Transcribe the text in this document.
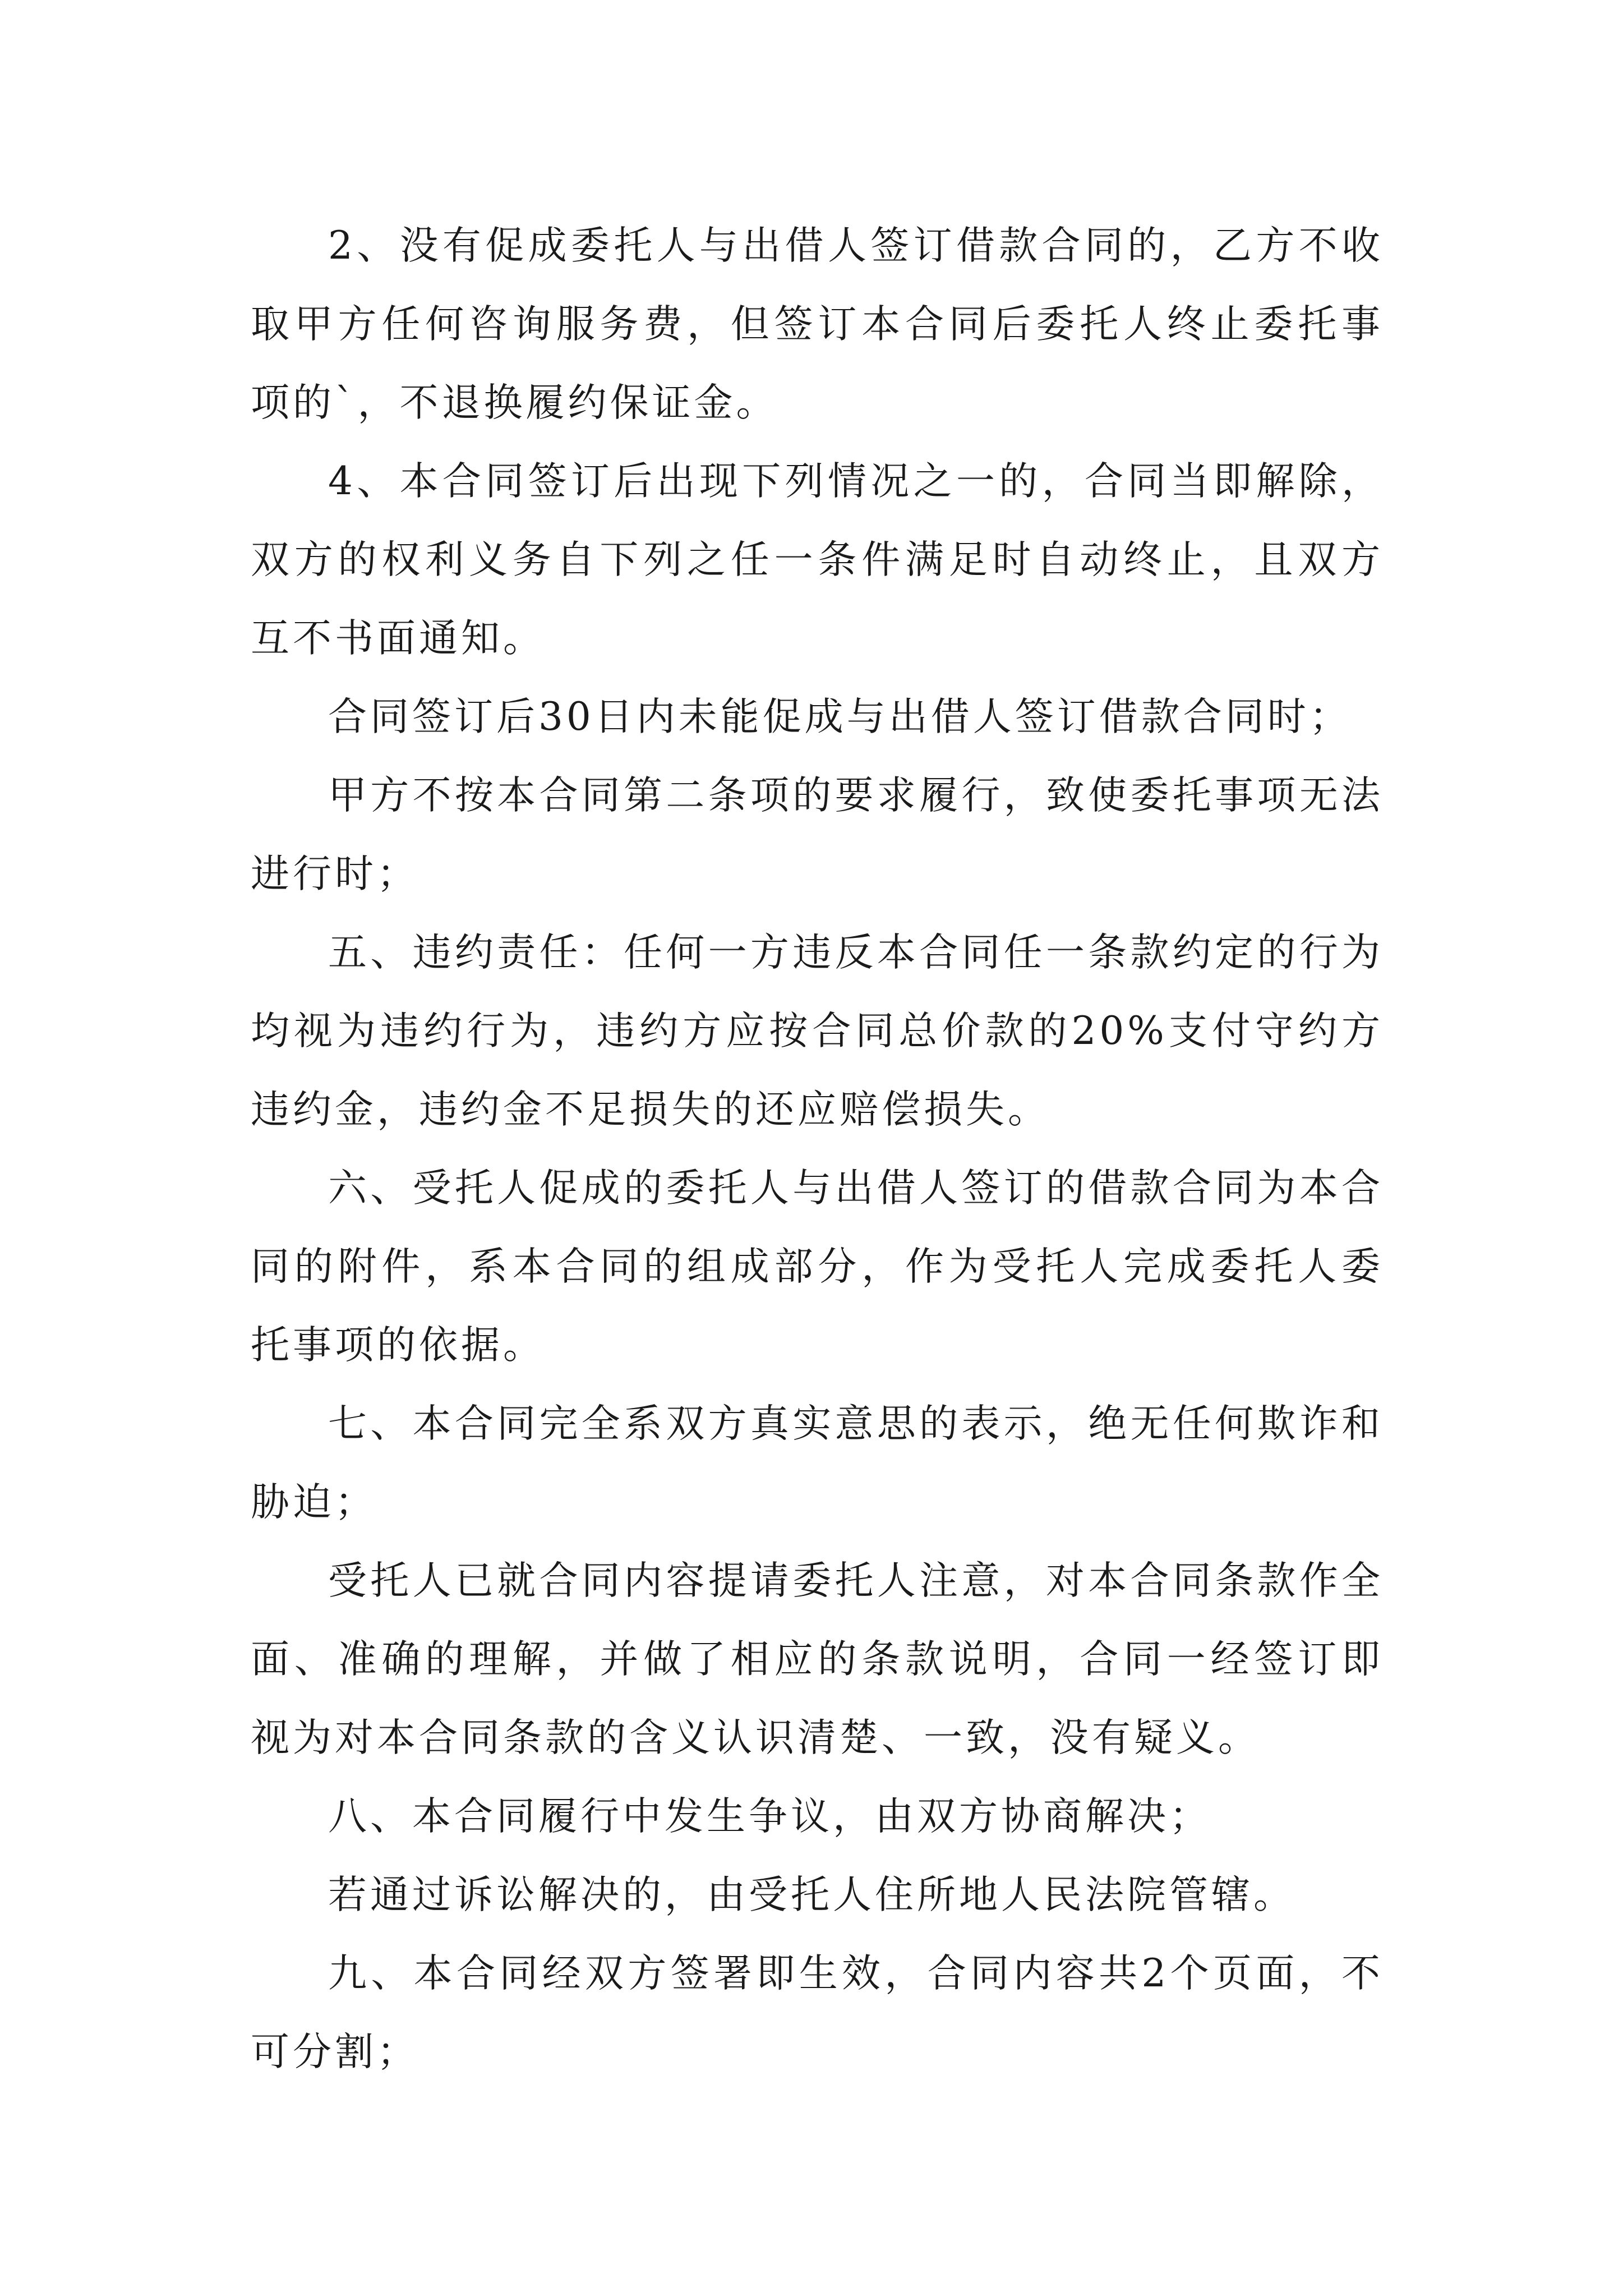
2、没有促成委托人与出借人签订借款合同的，乙方不收取甲方任何咨询服务费，但签订本合同后委托人终止委托事项的`，不退换履约保证金。

4、本合同签订后出现下列情况之一的，合同当即解除，双方的权利义务自下列之任一条件满足时自动终止，且双方互不书面通知。

合同签订后30日内未能促成与出借人签订借款合同时；

甲方不按本合同第二条项的要求履行，致使委托事项无法进行时；

五、违约责任：任何一方违反本合同任一条款约定的行为均视为违约行为，违约方应按合同总价款的20%支付守约方违约金，违约金不足损失的还应赔偿损失。

六、受托人促成的委托人与出借人签订的借款合同为本合同的附件，系本合同的组成部分，作为受托人完成委托人委托事项的依据。

七、本合同完全系双方真实意思的表示，绝无任何欺诈和胁迫；

受托人已就合同内容提请委托人注意，对本合同条款作全面、准确的理解，并做了相应的条款说明，合同一经签订即视为对本合同条款的含义认识清楚、一致，没有疑义。

八、本合同履行中发生争议，由双方协商解决；

若通过诉讼解决的，由受托人住所地人民法院管辖。

九、本合同经双方签署即生效，合同内容共2个页面，不可分割；
